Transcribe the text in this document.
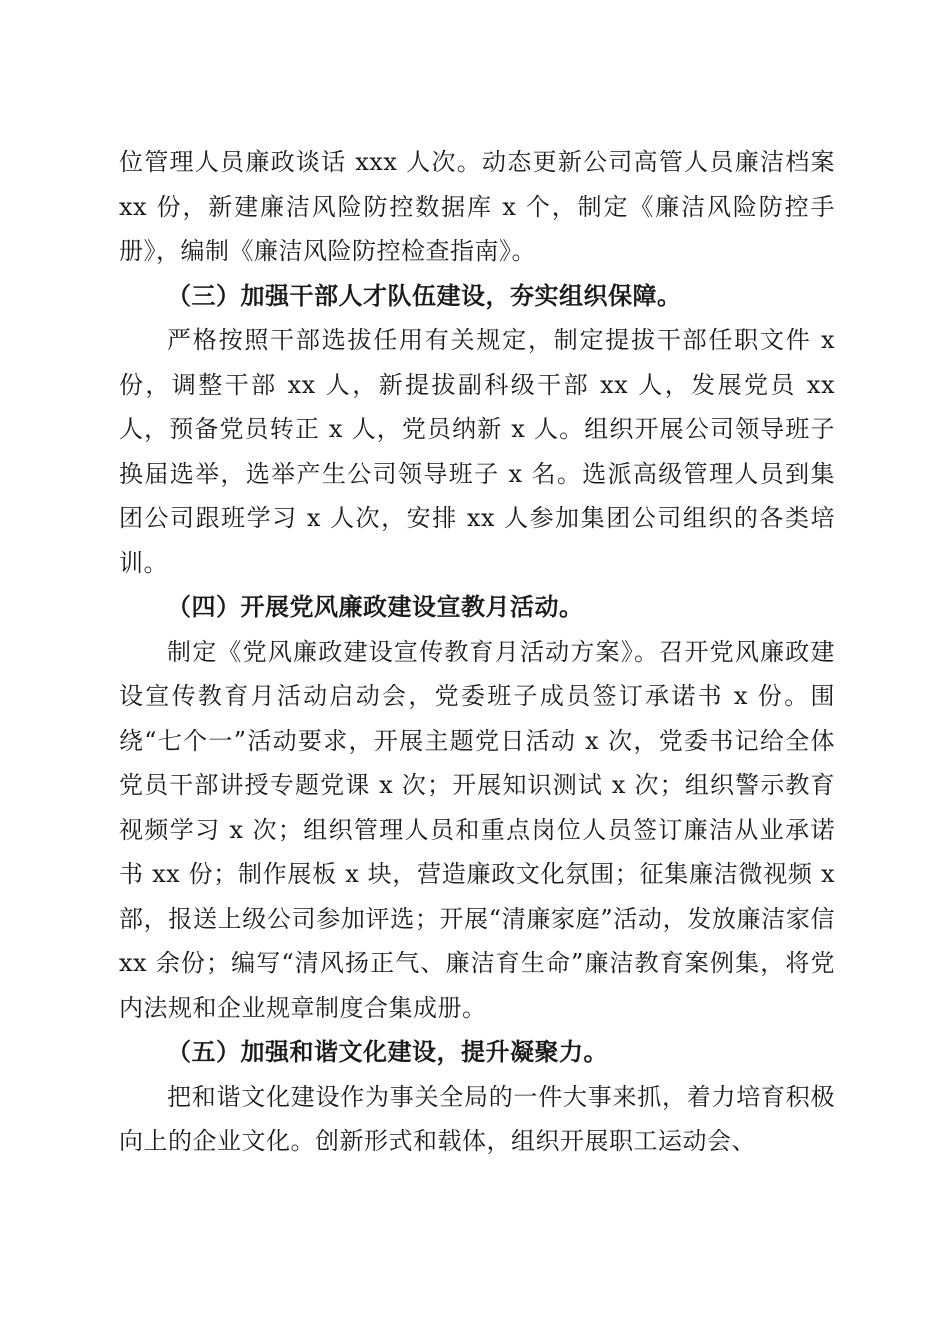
位管理人员廉政谈话 xxx 人次。动态更新公司高管人员廉洁档案 xx 份，新建廉洁风险防控数据库 x 个，制定《廉洁风险防控手册》，编制《廉洁风险防控检查指南》。

（三）加强干部人才队伍建设，夯实组织保障。

严格按照干部选拔任用有关规定，制定提拔干部任职文件 x 份，调整干部 xx 人，新提拔副科级干部 xx 人，发展党员 xx 人，预备党员转正 x 人，党员纳新 x 人。组织开展公司领导班子换届选举，选举产生公司领导班子 x 名。选派高级管理人员到集团公司跟班学习 x 人次，安排 xx 人参加集团公司组织的各类培训。

（四）开展党风廉政建设宣教月活动。

制定《党风廉政建设宣传教育月活动方案》。召开党风廉政建设宣传教育月活动启动会，党委班子成员签订承诺书 x 份。围绕“七个一”活动要求，开展主题党日活动 x 次，党委书记给全体党员干部讲授专题党课 x 次；开展知识测试 x 次；组织警示教育视频学习 x 次；组织管理人员和重点岗位人员签订廉洁从业承诺书 xx 份；制作展板 x 块，营造廉政文化氛围；征集廉洁微视频 x 部，报送上级公司参加评选；开展“清廉家庭”活动，发放廉洁家信 xx 余份；编写“清风扬正气、廉洁育生命”廉洁教育案例集，将党内法规和企业规章制度合集成册。

（五）加强和谐文化建设，提升凝聚力。

把和谐文化建设作为事关全局的一件大事来抓，着力培育积极向上的企业文化。创新形式和载体，组织开展职工运动会、
